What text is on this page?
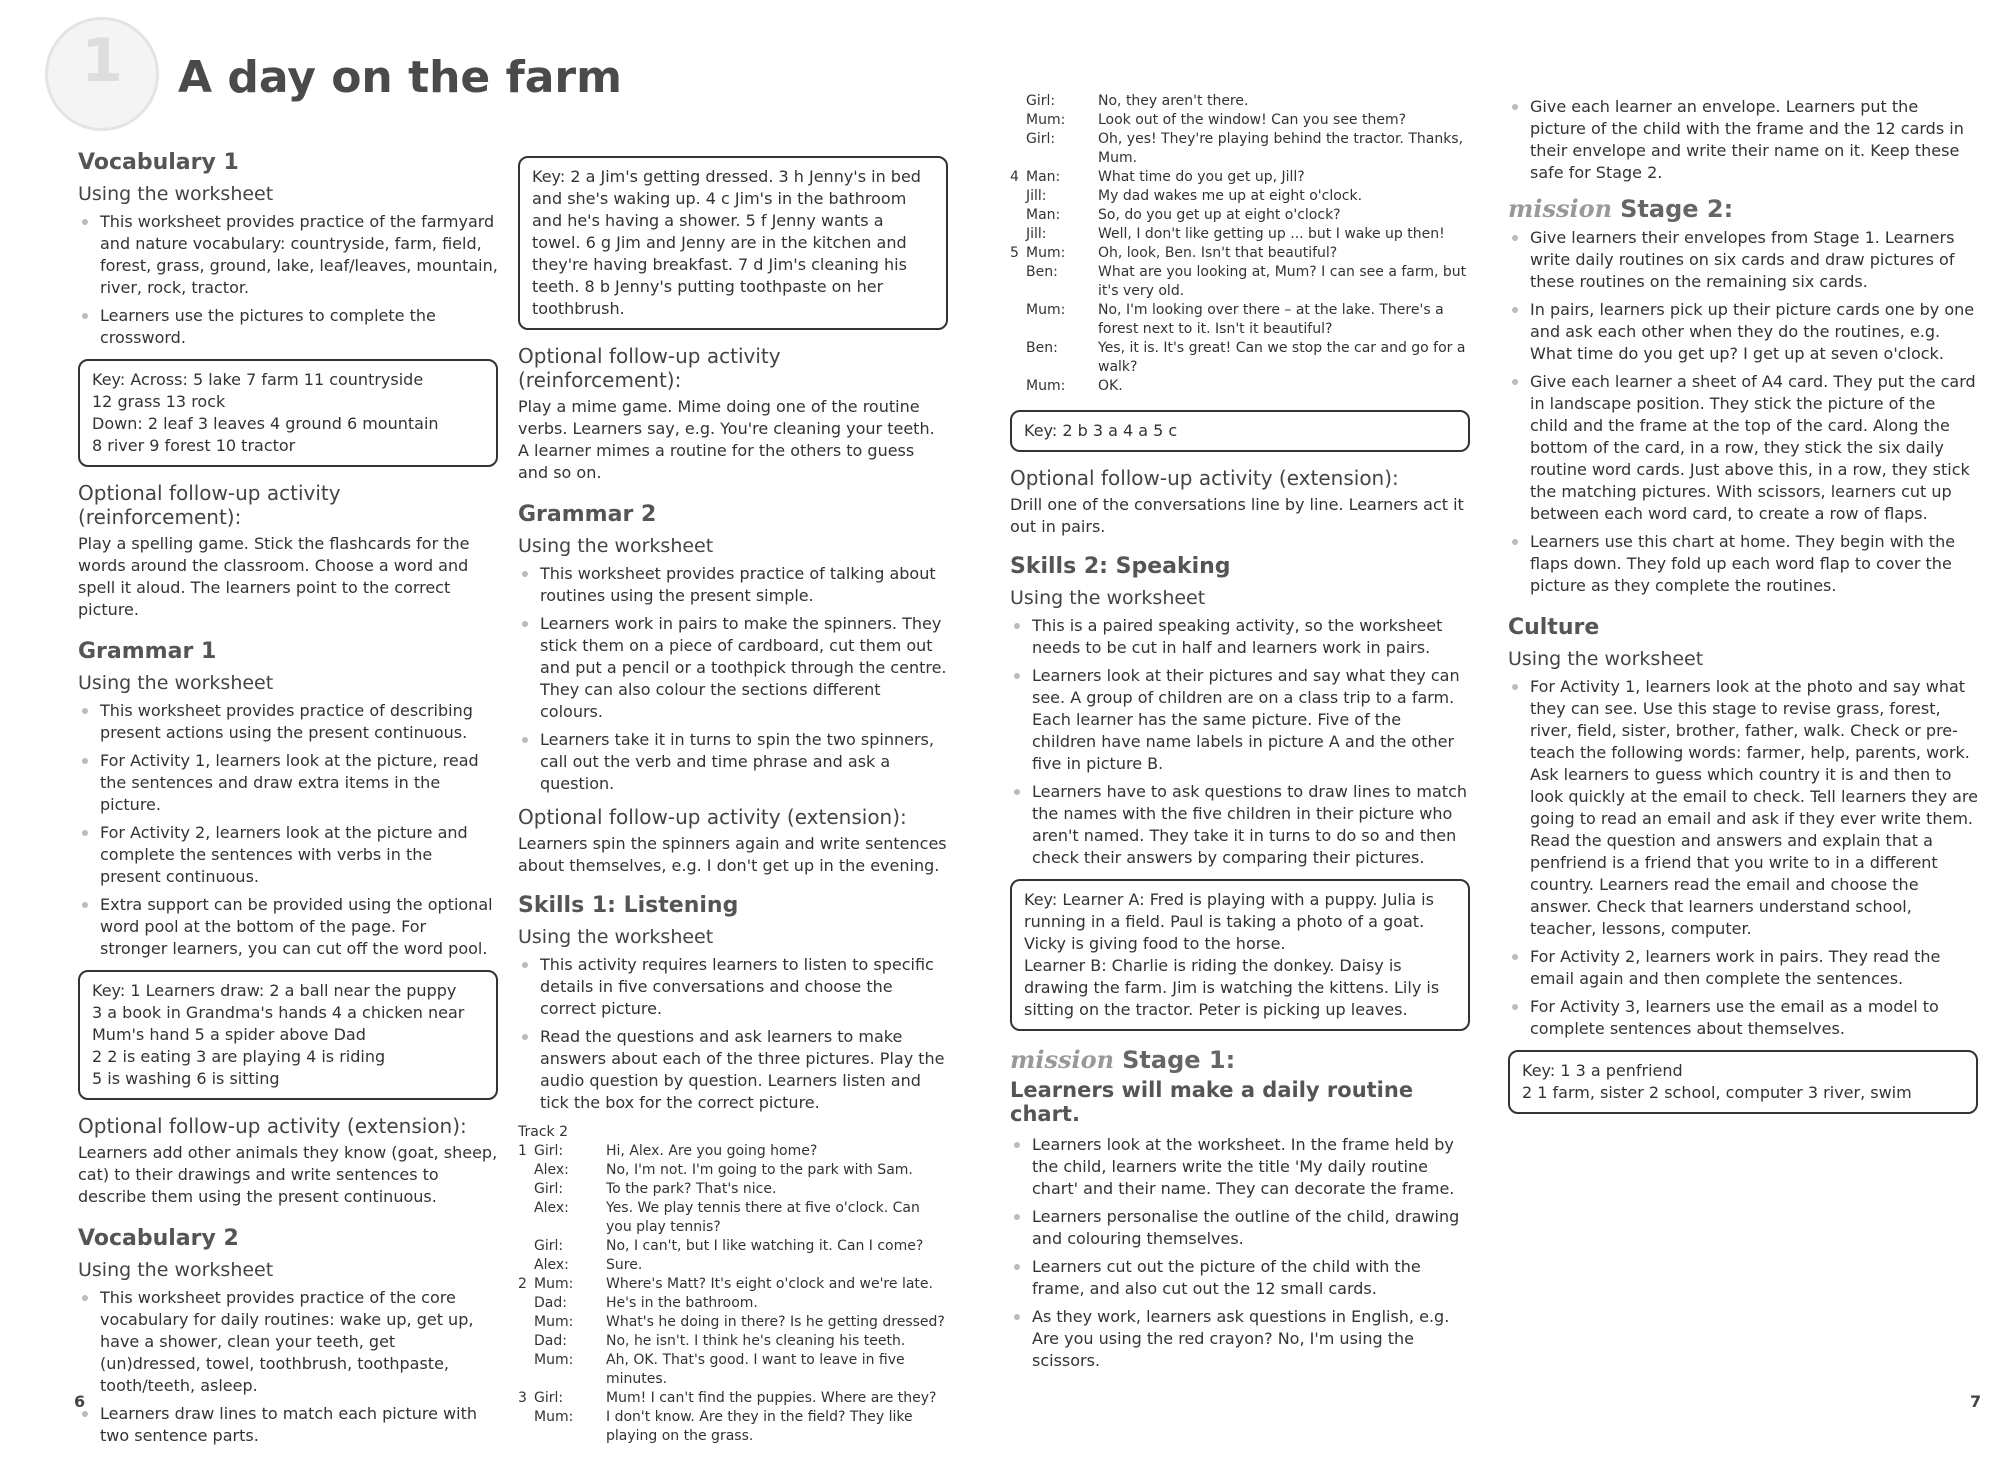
1	A day on the farm
Vocabulary 1
Using the worksheet
This worksheet provides practice of the farmyard and nature vocabulary: countryside, farm, field, forest, grass, ground, lake, leaf/leaves, mountain, river, rock, tractor.
Learners use the pictures to complete the crossword.
Key: Across: 5 lake 7 farm 11 countryside
12 grass 13 rock
Down: 2 leaf 3 leaves 4 ground 6 mountain
8 river 9 forest 10 tractor
Optional follow-up activity (reinforcement):

Play a spelling game. Stick the flashcards for the words around the classroom. Choose a word and spell it aloud. The learners point to the correct picture.

Grammar 1
Using the worksheet
This worksheet provides practice of describing present actions using the present continuous.
For Activity 1, learners look at the picture, read the sentences and draw extra items in the picture.
For Activity 2, learners look at the picture and complete the sentences with verbs in the present continuous.
Extra support can be provided using the optional word pool at the bottom of the page. For stronger learners, you can cut off the word pool.
Key: 1 Learners draw: 2 a ball near the puppy
3 a book in Grandma's hands 4 a chicken near
Mum's hand 5 a spider above Dad
2 2 is eating 3 are playing 4 is riding
5 is washing 6 is sitting
Optional follow-up activity (extension):

Learners add other animals they know (goat, sheep, cat) to their drawings and write sentences to describe them using the present continuous.

Vocabulary 2
Using the worksheet
This worksheet provides practice of the core vocabulary for daily routines: wake up, get up, have a shower, clean your teeth, get (un)dressed, towel, toothbrush, toothpaste, tooth/teeth, asleep.
Learners draw lines to match each picture with two sentence parts.
6
Key: 2 a Jim's getting dressed. 3 h Jenny's in bed and she's waking up. 4 c Jim's in the bathroom and he's having a shower. 5 f Jenny wants a towel. 6 g Jim and Jenny are in the kitchen and they're having breakfast. 7 d Jim's cleaning his teeth. 8 b Jenny's putting toothpaste on her toothbrush.
Optional follow-up activity (reinforcement):

Play a mime game. Mime doing one of the routine verbs. Learners say, e.g. You're cleaning your teeth. A learner mimes a routine for the others to guess and so on.

Grammar 2
Using the worksheet
This worksheet provides practice of talking about routines using the present simple.
Learners work in pairs to make the spinners. They stick them on a piece of cardboard, cut them out and put a pencil or a toothpick through the centre. They can also colour the sections different colours.
Learners take it in turns to spin the two spinners, call out the verb and time phrase and ask a question.
Optional follow-up activity (extension):

Learners spin the spinners again and write sentences about themselves, e.g. I don't get up in the evening.

Skills 1: Listening
Using the worksheet
This activity requires learners to listen to specific details in five conversations and choose the correct picture.
Read the questions and ask learners to make answers about each of the three pictures. Play the audio question by question. Learners listen and tick the box for the correct picture.
Track 2
1 Girl:	Hi, Alex. Are you going home?
Alex:	No, I'm not. I'm going to the park with Sam.
Girl:	To the park? That's nice.
Alex:	Yes. We play tennis there at five o'clock. Can you play tennis?
Girl:	No, I can't, but I like watching it. Can I come?
Alex:	Sure.
2 Mum:	Where's Matt? It's eight o'clock and we're late.
Dad:	He's in the bathroom.
Mum:	What's he doing in there? Is he getting dressed?
Dad:	No, he isn't. I think he's cleaning his teeth.
Mum:	Ah, OK. That's good. I want to leave in five minutes.
3 Girl:	Mum! I can't find the puppies. Where are they?
Mum:	I don't know. Are they in the field? They like playing on the grass.
Girl:	No, they aren't there.
Mum:	Look out of the window! Can you see them?
Girl:	Oh, yes! They're playing behind the tractor. Thanks, Mum.
4 Man:	What time do you get up, Jill?
Jill:	My dad wakes me up at eight o'clock.
Man:	So, do you get up at eight o'clock?
Jill:	Well, I don't like getting up ... but I wake up then!
5 Mum:	Oh, look, Ben. Isn't that beautiful?
Ben:	What are you looking at, Mum? I can see a farm, but it's very old.
Mum:	No, I'm looking over there – at the lake. There's a forest next to it. Isn't it beautiful?
Ben:	Yes, it is. It's great! Can we stop the car and go for a walk?
Mum:	OK.
Key: 2 b 3 a 4 a 5 c
Optional follow-up activity (extension):

Drill one of the conversations line by line. Learners act it out in pairs.

Skills 2: Speaking
Using the worksheet
This is a paired speaking activity, so the worksheet needs to be cut in half and learners work in pairs.
Learners look at their pictures and say what they can see. A group of children are on a class trip to a farm. Each learner has the same picture. Five of the children have name labels in picture A and the other five in picture B.
Learners have to ask questions to draw lines to match the names with the five children in their picture who aren't named. They take it in turns to do so and then check their answers by comparing their pictures.
Key: Learner A: Fred is playing with a puppy. Julia is running in a field. Paul is taking a photo of a goat. Vicky is giving food to the horse.
Learner B: Charlie is riding the donkey. Daisy is drawing the farm. Jim is watching the kittens. Lily is sitting on the tractor. Peter is picking up leaves.
mission Stage 1:
Learners will make a daily routine chart.
Learners look at the worksheet. In the frame held by the child, learners write the title 'My daily routine chart' and their name. They can decorate the frame.
Learners personalise the outline of the child, drawing and colouring themselves.
Learners cut out the picture of the child with the frame, and also cut out the 12 small cards.
As they work, learners ask questions in English, e.g. Are you using the red crayon? No, I'm using the scissors.
Give each learner an envelope. Learners put the picture of the child with the frame and the 12 cards in their envelope and write their name on it. Keep these safe for Stage 2.
mission Stage 2:
Give learners their envelopes from Stage 1. Learners write daily routines on six cards and draw pictures of these routines on the remaining six cards.
In pairs, learners pick up their picture cards one by one and ask each other when they do the routines, e.g. What time do you get up? I get up at seven o'clock.
Give each learner a sheet of A4 card. They put the card in landscape position. They stick the picture of the child and the frame at the top of the card. Along the bottom of the card, in a row, they stick the six daily routine word cards. Just above this, in a row, they stick the matching pictures. With scissors, learners cut up between each word card, to create a row of flaps.
Learners use this chart at home. They begin with the flaps down. They fold up each word flap to cover the picture as they complete the routines.
Culture
Using the worksheet
For Activity 1, learners look at the photo and say what they can see. Use this stage to revise grass, forest, river, field, sister, brother, father, walk. Check or pre-teach the following words: farmer, help, parents, work. Ask learners to guess which country it is and then to look quickly at the email to check. Tell learners they are going to read an email and ask if they ever write them. Read the question and answers and explain that a penfriend is a friend that you write to in a different country. Learners read the email and choose the answer. Check that learners understand school, teacher, lessons, computer.
For Activity 2, learners work in pairs. They read the email again and then complete the sentences.
For Activity 3, learners use the email as a model to complete sentences about themselves.
Key: 1 3 a penfriend
2 1 farm, sister 2 school, computer 3 river, swim
7
